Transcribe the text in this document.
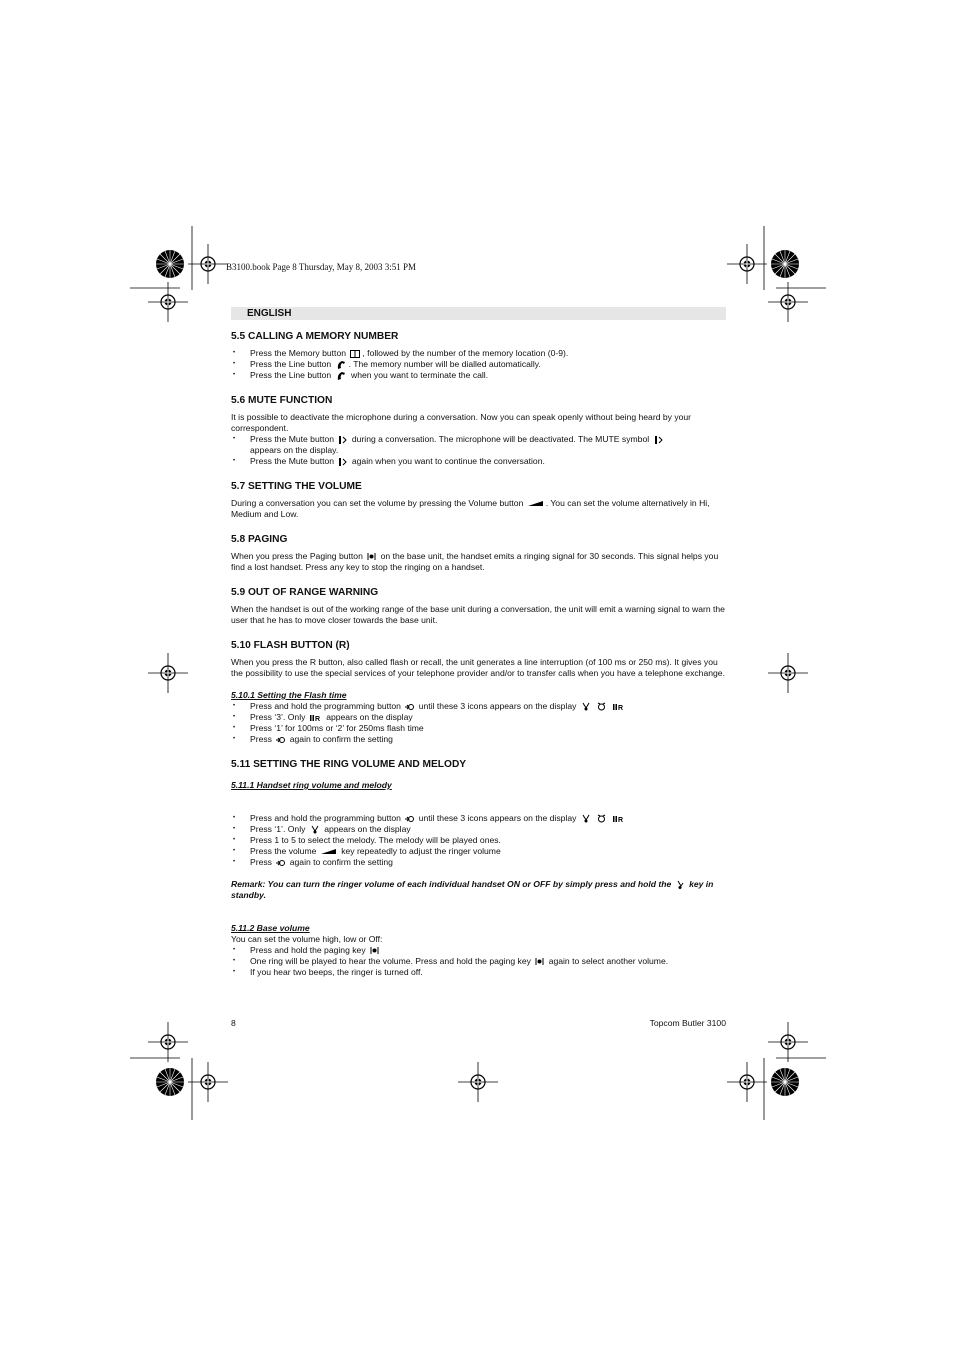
B3100.book Page 8 Thursday, May 8, 2003 3:51 PM
ENGLISH
5.5 CALLING A MEMORY NUMBER
• Press the Memory button , followed by the number of the memory location (0-9).
• Press the Line button . The memory number will be dialled automatically.
• Press the Line button when you want to terminate the call.
5.6 MUTE FUNCTION

It is possible to deactivate the microphone during a conversation. Now you can speak openly without being heard by your correspondent.

• Press the Mute button during a conversation. The microphone will be deactivated. The MUTE symbol
appears on the display.
• Press the Mute button again when you want to continue the conversation.
5.7 SETTING THE VOLUME

During a conversation you can set the volume by pressing the Volume button	. You can set the volume alternatively in Hi, Medium and Low.

5.8 PAGING

When you press the Paging button on the base unit, the handset emits a ringing signal for 30 seconds. This signal helps you find a lost handset. Press any key to stop the ringing on a handset.

5.9 OUT OF RANGE WARNING

When the handset is out of the working range of the base unit during a conversation, the unit will emit a warning signal to warn the user that he has to move closer towards the base unit.

5.10 FLASH BUTTON (R)

When you press the R button, also called flash or recall, the unit generates a line interruption (of 100 ms or 250 ms). It gives you the possibility to use the special services of your telephone provider and/or to transfer calls when you have a telephone exchange.

5.10.1 Setting the Flash time
• Press and hold the programming button until these 3 icons appears on the display	R
• Press ‘3’. Only R appears on the display
• Press ‘1’ for 100ms or ‘2’ for 250ms flash time
• Press again to confirm the setting
5.11 SETTING THE RING VOLUME AND MELODY
5.11.1 Handset ring volume and melody
• Press and hold the programming button until these 3 icons appears on the display	R
• Press ‘1’. Only appears on the display
• Press 1 to 5 to select the melody. The melody will be played ones.
• Press the volume	key repeatedly to adjust the ringer volume
• Press again to confirm the setting

Remark: You can turn the ringer volume of each individual handset ON or OFF by simply press and hold the key in standby.

5.11.2 Base volume

You can set the volume high, low or Off:

• Press and hold the paging key
• One ring will be played to hear the volume. Press and hold the paging key again to select another volume.
• If you hear two beeps, the ringer is turned off.
8	Topcom Butler 3100
